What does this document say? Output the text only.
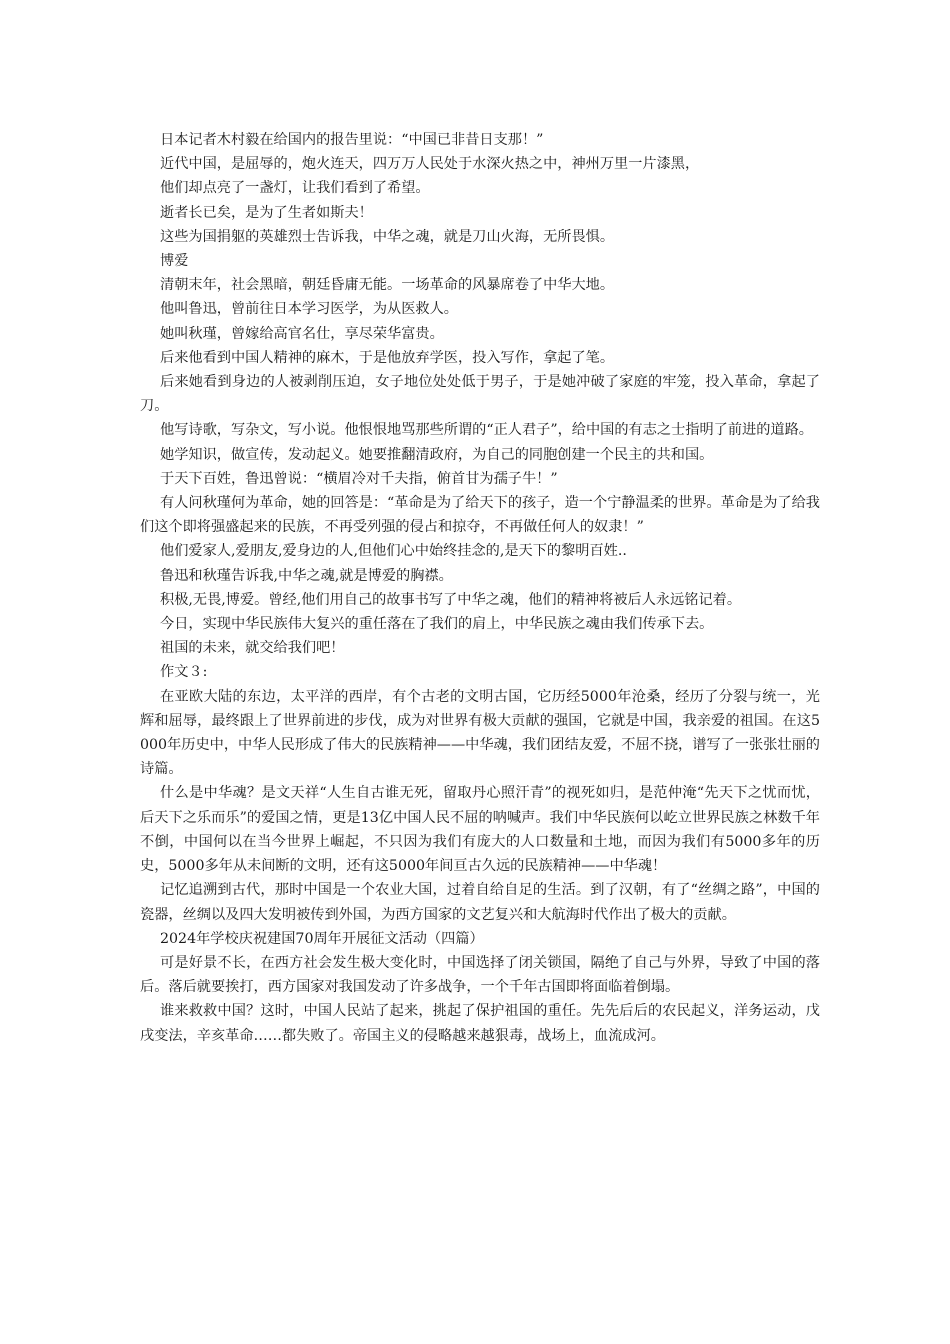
日本记者木村毅在给国内的报告里说：“中国已非昔日支那！”

近代中国，是屈辱的，炮火连天，四万万人民处于水深火热之中，神州万里一片漆黑，

他们却点亮了一盏灯，让我们看到了希望。

逝者长已矣，是为了生者如斯夫！

这些为国捐躯的英雄烈士告诉我，中华之魂，就是刀山火海，无所畏惧。

博爱

清朝末年，社会黑暗，朝廷昏庸无能。一场革命的风暴席卷了中华大地。

他叫鲁迅，曾前往日本学习医学，为从医救人。

她叫秋瑾，曾嫁给高官名仕，享尽荣华富贵。

后来他看到中国人精神的麻木，于是他放弃学医，投入写作，拿起了笔。

后来她看到身边的人被剥削压迫，女子地位处处低于男子，于是她冲破了家庭的牢笼，投入革命，拿起了刀。

他写诗歌，写杂文，写小说。他恨恨地骂那些所谓的“正人君子”，给中国的有志之士指明了前进的道路。

她学知识，做宣传，发动起义。她要推翻清政府，为自己的同胞创建一个民主的共和国。

于天下百姓，鲁迅曾说：“横眉冷对千夫指，俯首甘为孺子牛！”

有人问秋瑾何为革命，她的回答是：“革命是为了给天下的孩子，造一个宁静温柔的世界。革命是为了给我们这个即将强盛起来的民族，不再受列强的侵占和掠夺，不再做任何人的奴隶！”

他们爱家人,爱朋友,爱身边的人,但他们心中始终挂念的,是天下的黎明百姓..

鲁迅和秋瑾告诉我,中华之魂,就是博爱的胸襟。

积极,无畏,博爱。曾经,他们用自己的故事书写了中华之魂，他们的精神将被后人永远铭记着。

今日，实现中华民族伟大复兴的重任落在了我们的肩上，中华民族之魂由我们传承下去。

祖国的未来，就交给我们吧！

作文３:

在亚欧大陆的东边，太平洋的西岸，有个古老的文明古国，它历经5000年沧桑，经历了分裂与统一，光辉和屈辱，最终跟上了世界前进的步伐，成为对世界有极大贡献的强国，它就是中国，我亲爱的祖国。在这5000年历史中，中华人民形成了伟大的民族精神——中华魂，我们团结友爱，不屈不挠，谱写了一张张壮丽的诗篇。

什么是中华魂？是文天祥“人生自古谁无死，留取丹心照汗青”的视死如归，是范仲淹“先天下之忧而忧，后天下之乐而乐”的爱国之情，更是13亿中国人民不屈的呐喊声。我们中华民族何以屹立世界民族之林数千年不倒，中国何以在当今世界上崛起，不只因为我们有庞大的人口数量和土地，而因为我们有5000多年的历史，5000多年从未间断的文明，还有这5000年间亘古久远的民族精神——中华魂！

记忆追溯到古代，那时中国是一个农业大国，过着自给自足的生活。到了汉朝，有了“丝绸之路”，中国的瓷器，丝绸以及四大发明被传到外国，为西方国家的文艺复兴和大航海时代作出了极大的贡献。

2024年学校庆祝建国70周年开展征文活动（四篇）

可是好景不长，在西方社会发生极大变化时，中国选择了闭关锁国，隔绝了自己与外界，导致了中国的落后。落后就要挨打，西方国家对我国发动了许多战争，一个千年古国即将面临着倒塌。

谁来救救中国？这时，中国人民站了起来，挑起了保护祖国的重任。先先后后的农民起义，洋务运动，戊戌变法，辛亥革命……都失败了。帝国主义的侵略越来越狠毒，战场上，血流成河。
